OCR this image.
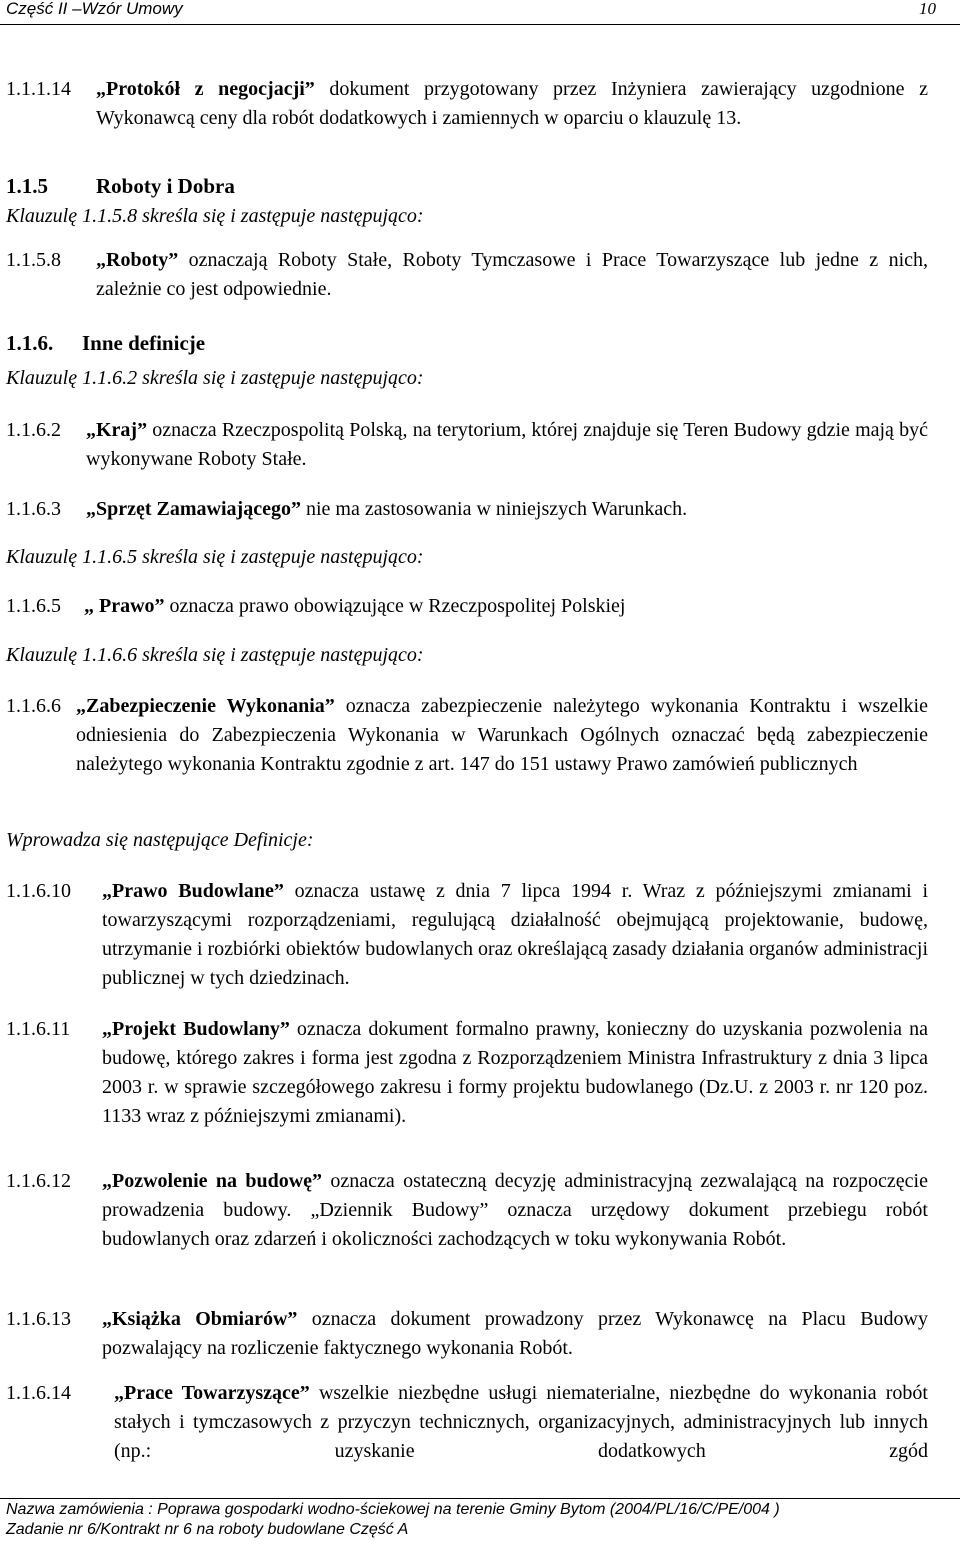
Część II –Wzór Umowy	10
1.1.1.14 „Protokół z negocjacji” dokument przygotowany przez Inżyniera zawierający uzgodnione z Wykonawcą ceny dla robót dodatkowych i zamiennych w oparciu o klauzulę 13.
1.1.5 Roboty i Dobra
Klauzulę 1.1.5.8 skreśla się i zastępuje następująco:
1.1.5.8 „Roboty” oznaczają Roboty Stałe, Roboty Tymczasowe i Prace Towarzyszące lub jedne z nich, zależnie co jest odpowiednie.
1.1.6. Inne definicje
Klauzulę 1.1.6.2 skreśla się i zastępuje następująco:
1.1.6.2 „Kraj” oznacza Rzeczpospolitą Polską, na terytorium, której znajduje się Teren Budowy gdzie mają być wykonywane Roboty Stałe.
1.1.6.3 „Sprzęt Zamawiającego” nie ma zastosowania w niniejszych Warunkach.
Klauzulę 1.1.6.5 skreśla się i zastępuje następująco:
1.1.6.5 „ Prawo” oznacza prawo obowiązujące w Rzeczpospolitej Polskiej
Klauzulę 1.1.6.6 skreśla się i zastępuje następująco:
1.1.6.6 „Zabezpieczenie Wykonania” oznacza zabezpieczenie należytego wykonania Kontraktu i wszelkie odniesienia do Zabezpieczenia Wykonania w Warunkach Ogólnych oznaczać będą zabezpieczenie należytego wykonania Kontraktu zgodnie z art. 147 do 151 ustawy Prawo zamówień publicznych
Wprowadza się następujące Definicje:
1.1.6.10 „Prawo Budowlane” oznacza ustawę z dnia 7 lipca 1994 r. Wraz z późniejszymi zmianami i towarzyszącymi rozporządzeniami, regulującą działalność obejmującą projektowanie, budowę, utrzymanie i rozbiórki obiektów budowlanych oraz określającą zasady działania organów administracji publicznej w tych dziedzinach.
1.1.6.11 „Projekt Budowlany” oznacza dokument formalno prawny, konieczny do uzyskania pozwolenia na budowę, którego zakres i forma jest zgodna z Rozporządzeniem Ministra Infrastruktury z dnia 3 lipca 2003 r. w sprawie szczegółowego zakresu i formy projektu budowlanego (Dz.U. z 2003 r. nr 120 poz. 1133 wraz z późniejszymi zmianami).
1.1.6.12 „Pozwolenie na budowę” oznacza ostateczną decyzję administracyjną zezwalającą na rozpoczęcie prowadzenia budowy. „Dziennik Budowy” oznacza urzędowy dokument przebiegu robót budowlanych oraz zdarzeń i okoliczności zachodzących w toku wykonywania Robót.
1.1.6.13 „Książka Obmiarów” oznacza dokument prowadzony przez Wykonawcę na Placu Budowy pozwalający na rozliczenie faktycznego wykonania Robót.
1.1.6.14 „Prace Towarzyszące” wszelkie niezbędne usługi niematerialne, niezbędne do wykonania robót stałych i tymczasowych z przyczyn technicznych, organizacyjnych, administracyjnych lub innych (np.: uzyskanie dodatkowych zgód
Nazwa zamówienia : Poprawa gospodarki wodno-ściekowej na terenie Gminy Bytom (2004/PL/16/C/PE/004 )
Zadanie nr 6/Kontrakt nr 6 na roboty budowlane Część A
